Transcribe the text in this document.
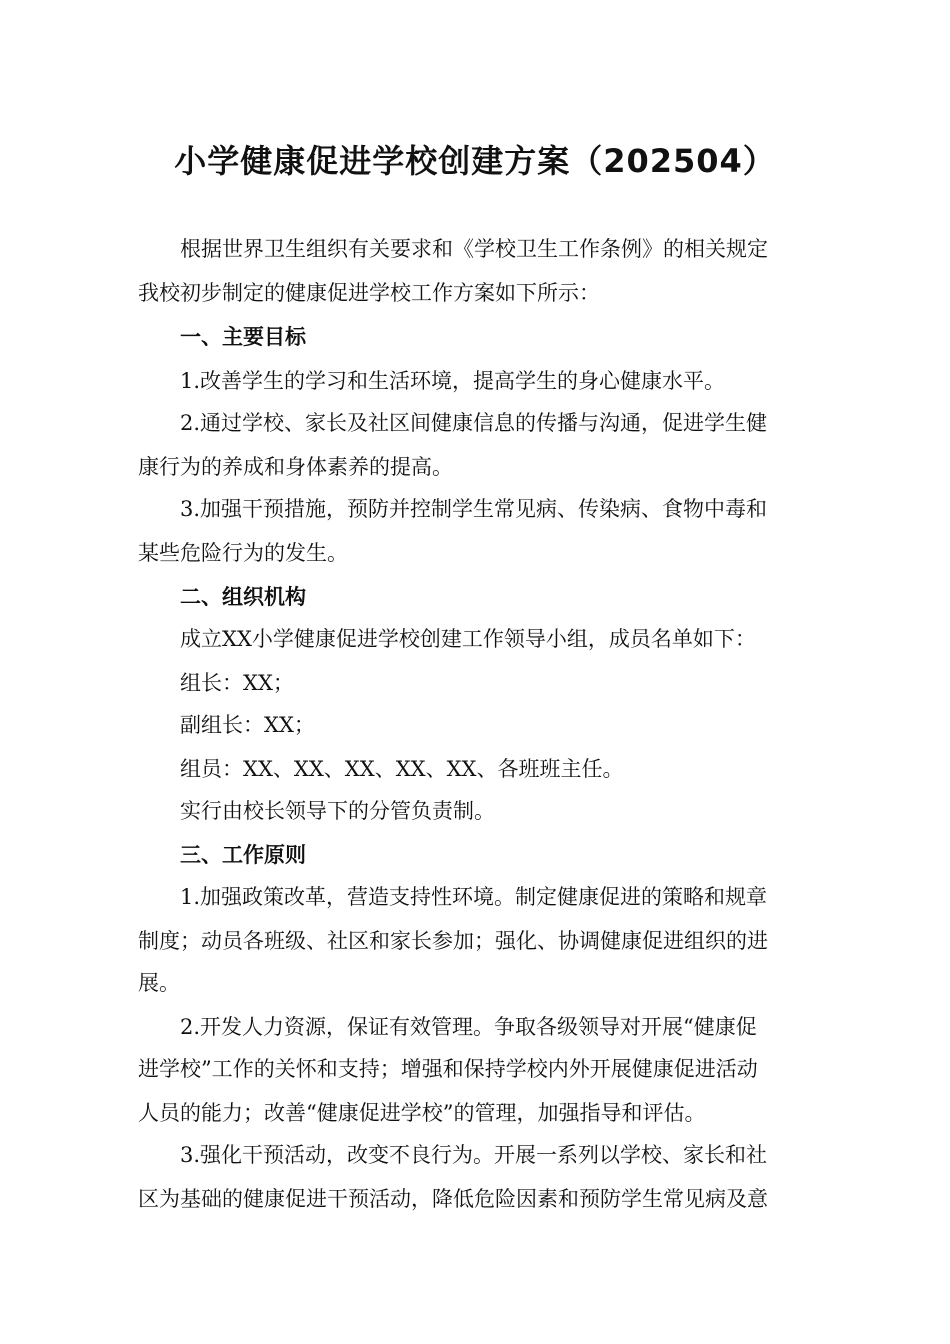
小学健康促进学校创建方案（202504）

根据世界卫生组织有关要求和《学校卫生工作条例》的相关规定

我校初步制定的健康促进学校工作方案如下所示：

一、主要目标

1.改善学生的学习和生活环境，提高学生的身心健康水平。

2.通过学校、家长及社区间健康信息的传播与沟通，促进学生健

康行为的养成和身体素养的提高。

3.加强干预措施，预防并控制学生常见病、传染病、食物中毒和

某些危险行为的发生。

二、组织机构

成立XX小学健康促进学校创建工作领导小组，成员名单如下：

组长：XX；

副组长：XX；

组员：XX、XX、XX、XX、XX、各班班主任。

实行由校长领导下的分管负责制。

三、工作原则

1.加强政策改革，营造支持性环境。制定健康促进的策略和规章

制度；动员各班级、社区和家长参加；强化、协调健康促进组织的进

展。

2.开发人力资源，保证有效管理。争取各级领导对开展“健康促

进学校”工作的关怀和支持；增强和保持学校内外开展健康促进活动

人员的能力；改善“健康促进学校”的管理，加强指导和评估。

3.强化干预活动，改变不良行为。开展一系列以学校、家长和社

区为基础的健康促进干预活动，降低危险因素和预防学生常见病及意
